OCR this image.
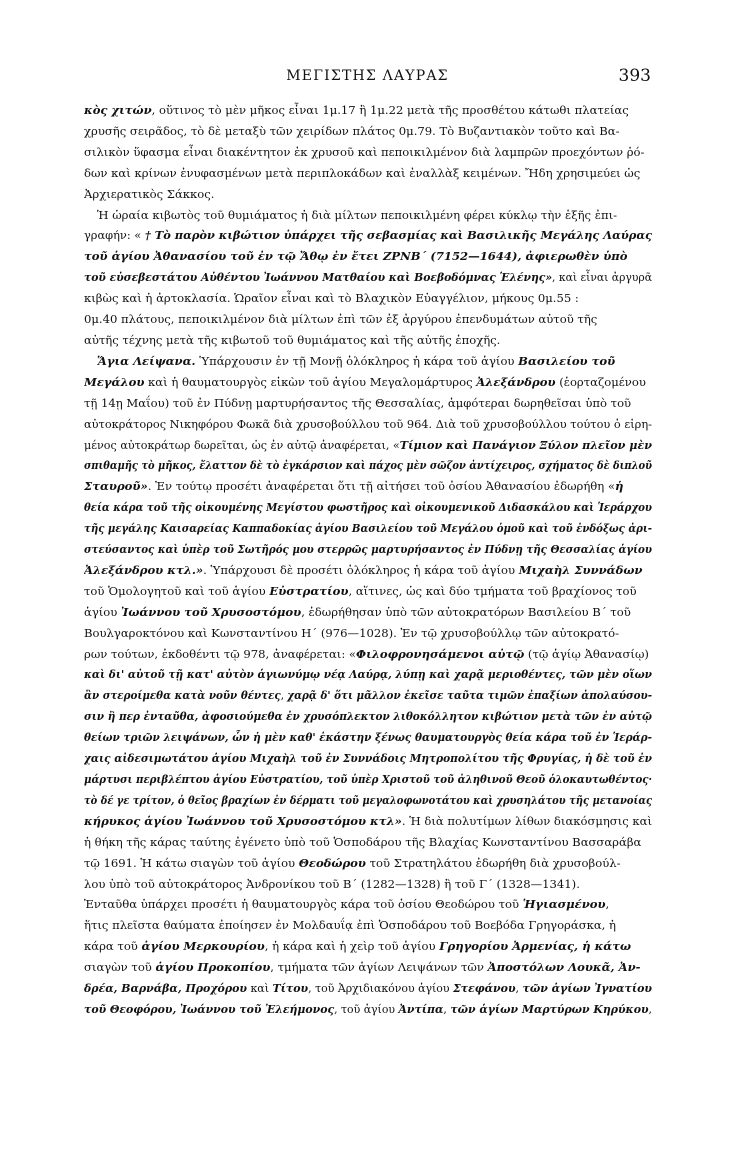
ΜΕΓΙΣΤΗΣ ΛΑΥΡΑΣ	393
κὸς χιτών, οὕτινος τὸ μὲν μῆκος εἶναι 1μ.17 ἢ 1μ.22 μετὰ τῆς προσθέτου κάτωθι πλατείας
χρυσῆς σειρᾶδος, τὸ δὲ μεταξὺ τῶν χειρίδων πλάτος 0μ.79. Τὸ Βυζαντιακὸν τοῦτο καὶ Βα-
σιλικὸν ὕφασμα εἶναι διακέντητον ἐκ χρυσοῦ καὶ πεποικιλμένον διὰ λαμπρῶν προεχόντων ῥό-
δων καὶ κρίνων ἐνυφασμένων μετὰ περιπλοκάδων καὶ ἐναλλὰξ κειμένων. Ἤδη χρησιμεύει ὡς
Ἀρχιερατικὸς Σάκκος.
Ἡ ὡραία κιβωτὸς τοῦ θυμιάματος ἡ διὰ μίλτων πεποικιλμένη φέρει κύκλῳ τὴν ἑξῆς ἐπι-
γραφήν: « † Τὸ παρὸν κιβώτιον ὑπάρχει τῆς σεβασμίας καὶ Βασιλικῆς Μεγάλης Λαύρας
τοῦ ἁγίου Ἀθανασίου τοῦ ἐν τῷ Ἄθῳ ἐν ἔτει ΖΡΝΒ΄ (7152—1644), ἀφιερωθὲν ὑπὸ
τοῦ εὐσεβεστάτου Αὐθέντου Ἰωάννου Ματθαίου καὶ Βοεβοδόμνας Ἑλένης», καὶ εἶναι ἀργυρᾶ
κιβὼς καὶ ἡ ἀρτοκλασία. Ὡραῖον εἶναι καὶ τὸ Βλαχικὸν Εὐαγγέλιον, μήκους 0μ.55 :
0μ.40 πλάτους, πεποικιλμένον διὰ μίλτων ἐπὶ τῶν ἐξ ἀργύρου ἐπενδυμάτων αὐτοῦ τῆς
αὐτῆς τέχνης μετὰ τῆς κιβωτοῦ τοῦ θυμιάματος καὶ τῆς αὐτῆς ἐποχῆς.
Ἅγια Λείψανα. Ὑπάρχουσιν ἐν τῇ Μονῇ ὁλόκληρος ἡ κάρα τοῦ ἁγίου Βασιλείου τοῦ
Μεγάλου καὶ ἡ θαυματουργὸς εἰκὼν τοῦ ἁγίου Μεγαλομάρτυρος Ἀλεξάνδρου (ἑορταζομένου
τῇ 14ῃ Μαΐου) τοῦ ἐν Πύδνῃ μαρτυρήσαντος τῆς Θεσσαλίας, ἀμφότεραι δωρηθεῖσαι ὑπὸ τοῦ
αὐτοκράτορος Νικηφόρου Φωκᾶ διὰ χρυσοβούλλου τοῦ 964. Διὰ τοῦ χρυσοβούλλου τούτου ὁ εἰρη-
μένος αὐτοκράτωρ δωρεῖται, ὡς ἐν αὐτῷ ἀναφέρεται, «Τίμιον καὶ Πανάγιον Ξύλον πλεῖον μὲν
σπιθαμῆς τὸ μῆκος, ἔλαττον δὲ τὸ ἐγκάρσιον καὶ πάχος μὲν σῶζον ἀντίχειρος, σχήματος δὲ διπλοῦ
Σταυροῦ». Ἐν τούτῳ προσέτι ἀναφέρεται ὅτι τῇ αἰτήσει τοῦ ὁσίου Ἀθανασίου ἐδωρήθη «ἡ
θεία κάρα τοῦ τῆς οἰκουμένης Μεγίστου φωστῆρος καὶ οἰκουμενικοῦ Διδασκάλου καὶ Ἱεράρχου
τῆς μεγάλης Καισαρείας Καππαδοκίας ἁγίου Βασιλείου τοῦ Μεγάλου ὁμοῦ καὶ τοῦ ἐνδόξως ἀρι-
στεύσαντος καὶ ὑπὲρ τοῦ Σωτῆρός μου στερρῶς μαρτυρήσαντος ἐν Πύδνῃ τῆς Θεσσαλίας ἁγίου
Ἀλεξάνδρου κτλ.». Ὑπάρχουσι δὲ προσέτι ὁλόκληρος ἡ κάρα τοῦ ἁγίου Μιχαὴλ Συννάδων
τοῦ Ὁμολογητοῦ καὶ τοῦ ἁγίου Εὐστρατίου, αἵτινες, ὡς καὶ δύο τμήματα τοῦ βραχίονος τοῦ
ἁγίου Ἰωάννου τοῦ Χρυσοστόμου, ἐδωρήθησαν ὑπὸ τῶν αὐτοκρατόρων Βασιλείου Β΄ τοῦ
Βουλγαροκτόνου καὶ Κωνσταντίνου Η΄ (976—1028). Ἐν τῷ χρυσοβούλλῳ τῶν αὐτοκρατό-
ρων τούτων, ἐκδοθέντι τῷ 978, ἀναφέρεται: «Φιλοφρονησάμενοι αὐτῷ (τῷ ἁγίῳ Ἀθανασίῳ)
καὶ δι' αὐτοῦ τῇ κατ' αὐτὸν ἁγιωνύμῳ νέᾳ Λαύρᾳ, λύπῃ καὶ χαρᾷ μεριοθέντες, τῶν μὲν οἵων
ἂν στεροίμεθα κατὰ νοῦν θέντες, χαρᾷ δ' ὅτι μᾶλλον ἐκεῖσε ταῦτα τιμῶν ἐπαξίων ἀπολαύσου-
σιν ἢ περ ἐνταῦθα, ἀφοσιούμεθα ἐν χρυσόπλεκτον λιθοκόλλητον κιβώτιον μετὰ τῶν ἐν αὐτῷ
θείων τριῶν λειψάνων, ὧν ἡ μὲν καθ' ἑκάστην ξένως θαυματουργὸς θεία κάρα τοῦ ἐν Ἱεράρ-
χαις αἰδεσιμωτάτου ἁγίου Μιχαὴλ τοῦ ἐν Συννάδοις Μητροπολίτου τῆς Φρυγίας, ἡ δὲ τοῦ ἐν
μάρτυσι περιβλέπτου ἁγίου Εὐστρατίου, τοῦ ὑπὲρ Χριστοῦ τοῦ ἀληθινοῦ Θεοῦ ὁλοκαυτωθέντος·
τὸ δέ γε τρίτον, ὁ θεῖος βραχίων ἐν δέρματι τοῦ μεγαλοφωνοτάτου καὶ χρυσηλάτου τῆς μετανοίας
κήρυκος ἁγίου Ἰωάννου τοῦ Χρυσοστόμου κτλ». Ἡ διὰ πολυτίμων λίθων διακόσμησις καὶ
ἡ θήκη τῆς κάρας ταύτης ἐγένετο ὑπὸ τοῦ Ὁσποδάρου τῆς Βλαχίας Κωνσταντίνου Βασσαράβα
τῷ 1691. Ἡ κάτω σιαγὼν τοῦ ἁγίου Θεοδώρου τοῦ Στρατηλάτου ἐδωρήθη διὰ χρυσοβούλ-
λου ὑπὸ τοῦ αὐτοκράτορος Ἀνδρονίκου τοῦ Β΄ (1282—1328) ἢ τοῦ Γ΄ (1328—1341).
Ἐνταῦθα ὑπάρχει προσέτι ἡ θαυματουργὸς κάρα τοῦ ὁσίου Θεοδώρου τοῦ Ἡγιασμένου,
ἥτις πλεῖστα θαύματα ἐποίησεν ἐν Μολδαυΐᾳ ἐπὶ Ὁσποδάρου τοῦ Βοεβόδα Γρηγοράσκα, ἡ
κάρα τοῦ ἁγίου Μερκουρίου, ἡ κάρα καὶ ἡ χεὶρ τοῦ ἁγίου Γρηγορίου Ἀρμενίας, ἡ κάτω
σιαγὼν τοῦ ἁγίου Προκοπίου, τμήματα τῶν ἁγίων Λειψάνων τῶν Ἀποστόλων Λουκᾶ, Ἀν-
δρέα, Βαρνάβα, Προχόρου καὶ Τίτου, τοῦ Ἀρχιδιακόνου ἁγίου Στεφάνου, τῶν ἁγίων Ἰγνατίου
τοῦ Θεοφόρου, Ἰωάννου τοῦ Ἐλεήμονος, τοῦ ἁγίου Ἀντίπα, τῶν ἁγίων Μαρτύρων Κηρύκου,
